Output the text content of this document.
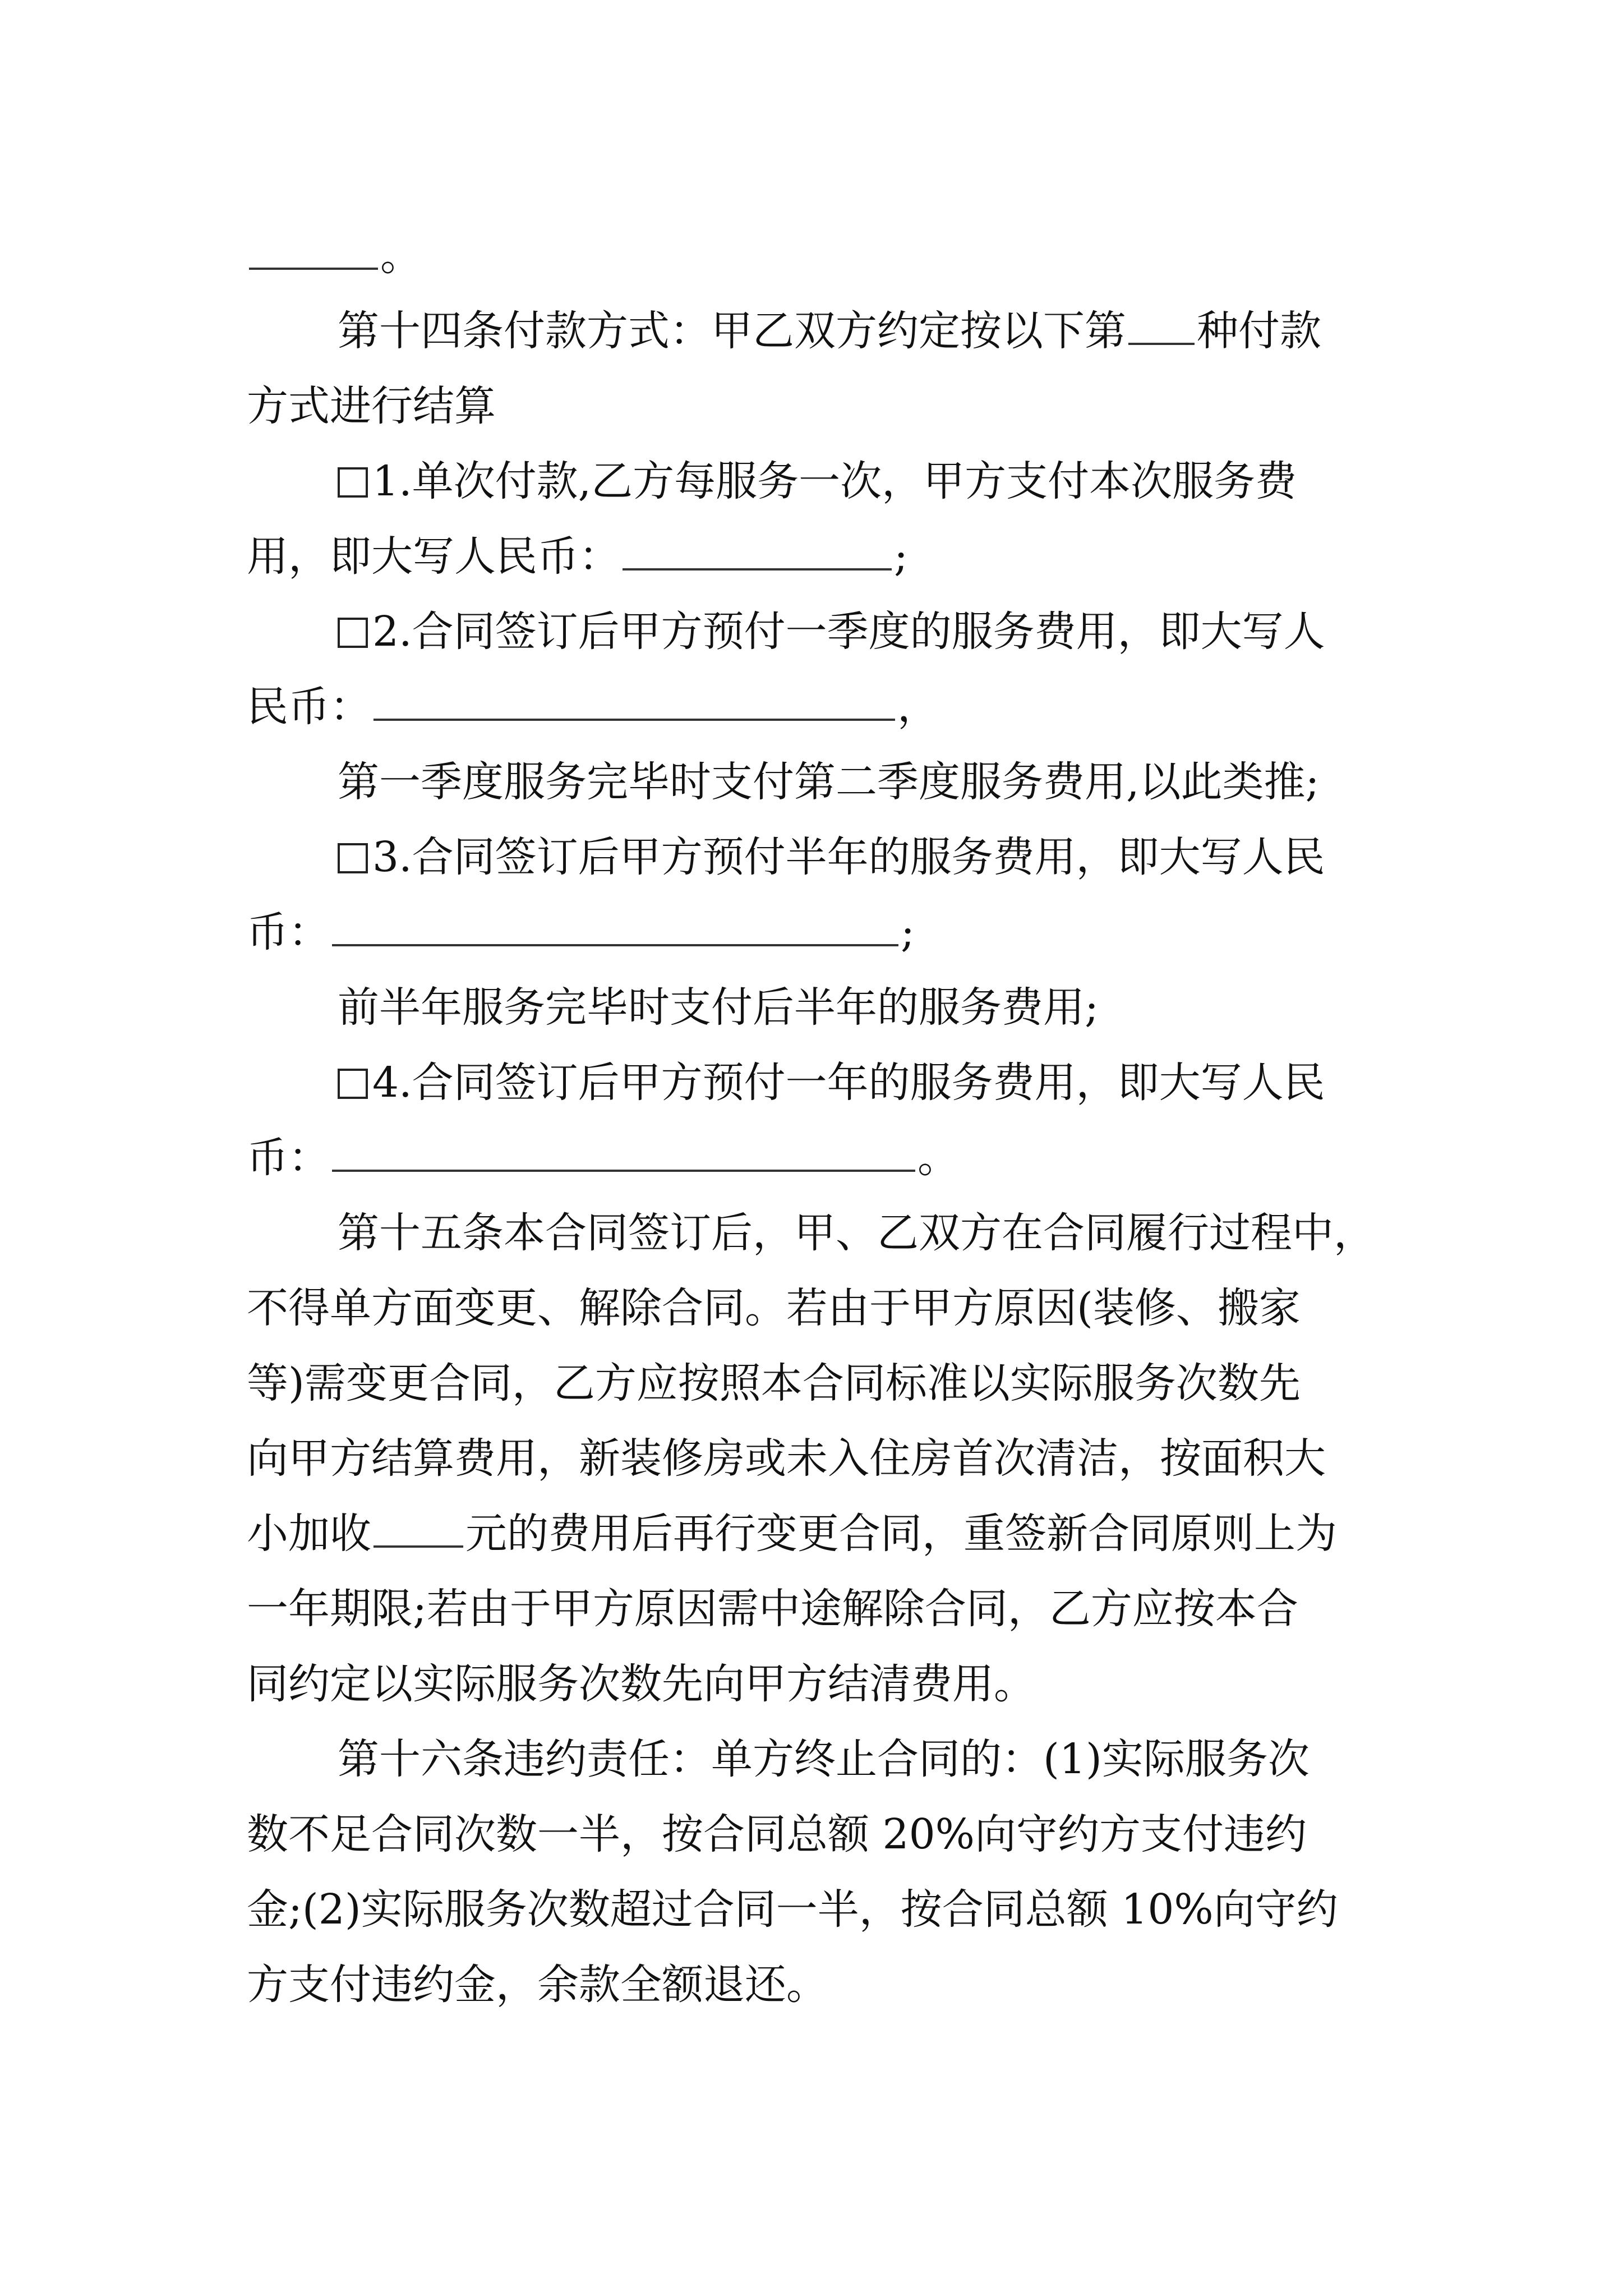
。
第十四条付款方式：甲乙双方约定按以下第 种付款
方式进行结算
1.单次付款,乙方每服务一次，甲方支付本次服务费
用，即大写人民币：	;
2.合同签订后甲方预付一季度的服务费用，即大写人
民币：	，
第一季度服务完毕时支付第二季度服务费用,以此类推;
3.合同签订后甲方预付半年的服务费用，即大写人民
币：	;
前半年服务完毕时支付后半年的服务费用;
4.合同签订后甲方预付一年的服务费用，即大写人民
币：	。
第十五条本合同签订后，甲、乙双方在合同履行过程中，
不得单方面变更、解除合同。若由于甲方原因(装修、搬家
等)需变更合同，乙方应按照本合同标准以实际服务次数先
向甲方结算费用，新装修房或未入住房首次清洁，按面积大
小加收 元的费用后再行变更合同，重签新合同原则上为
一年期限;若由于甲方原因需中途解除合同，乙方应按本合
同约定以实际服务次数先向甲方结清费用。
第十六条违约责任：单方终止合同的：(1)实际服务次
数不足合同次数一半，按合同总额 20%向守约方支付违约
金;(2)实际服务次数超过合同一半，按合同总额 10%向守约
方支付违约金，余款全额退还。
